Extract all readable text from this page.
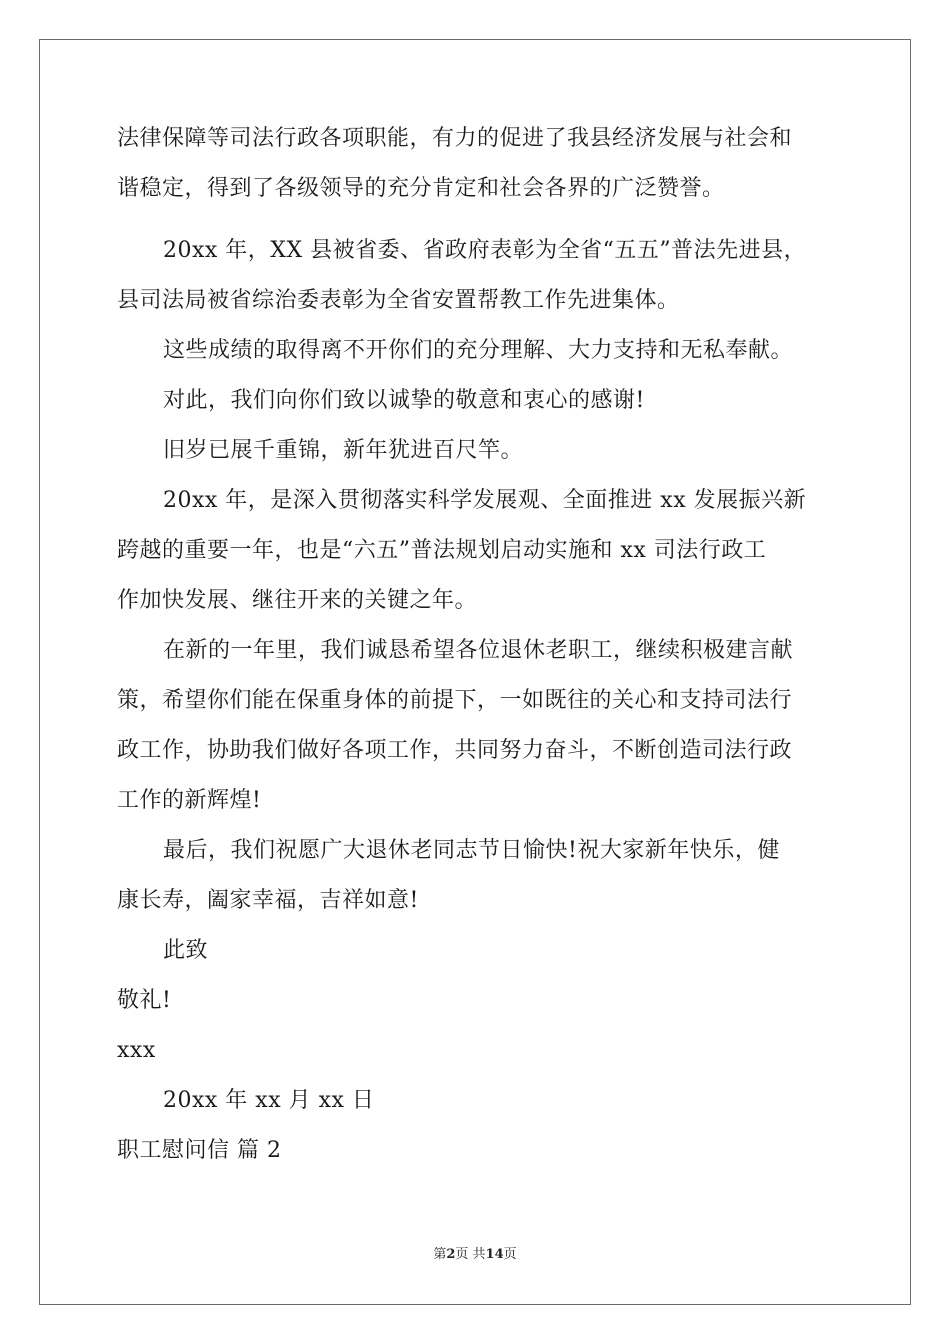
法律保障等司法行政各项职能，有力的促进了我县经济发展与社会和
谐稳定，得到了各级领导的充分肯定和社会各界的广泛赞誉。
20xx 年，XX 县被省委、省政府表彰为全省“五五”普法先进县，
县司法局被省综治委表彰为全省安置帮教工作先进集体。
这些成绩的取得离不开你们的充分理解、大力支持和无私奉献。
对此，我们向你们致以诚挚的敬意和衷心的感谢!
旧岁已展千重锦，新年犹进百尺竿。
20xx 年，是深入贯彻落实科学发展观、全面推进 xx 发展振兴新
跨越的重要一年，也是“六五”普法规划启动实施和 xx 司法行政工
作加快发展、继往开来的关键之年。
在新的一年里，我们诚恳希望各位退休老职工，继续积极建言献
策，希望你们能在保重身体的前提下，一如既往的关心和支持司法行
政工作，协助我们做好各项工作，共同努力奋斗，不断创造司法行政
工作的新辉煌!
最后，我们祝愿广大退休老同志节日愉快!祝大家新年快乐，健
康长寿，阖家幸福，吉祥如意!
此致
敬礼!
xxx
20xx 年 xx 月 xx 日
职工慰问信 篇 2
第2页 共14页
